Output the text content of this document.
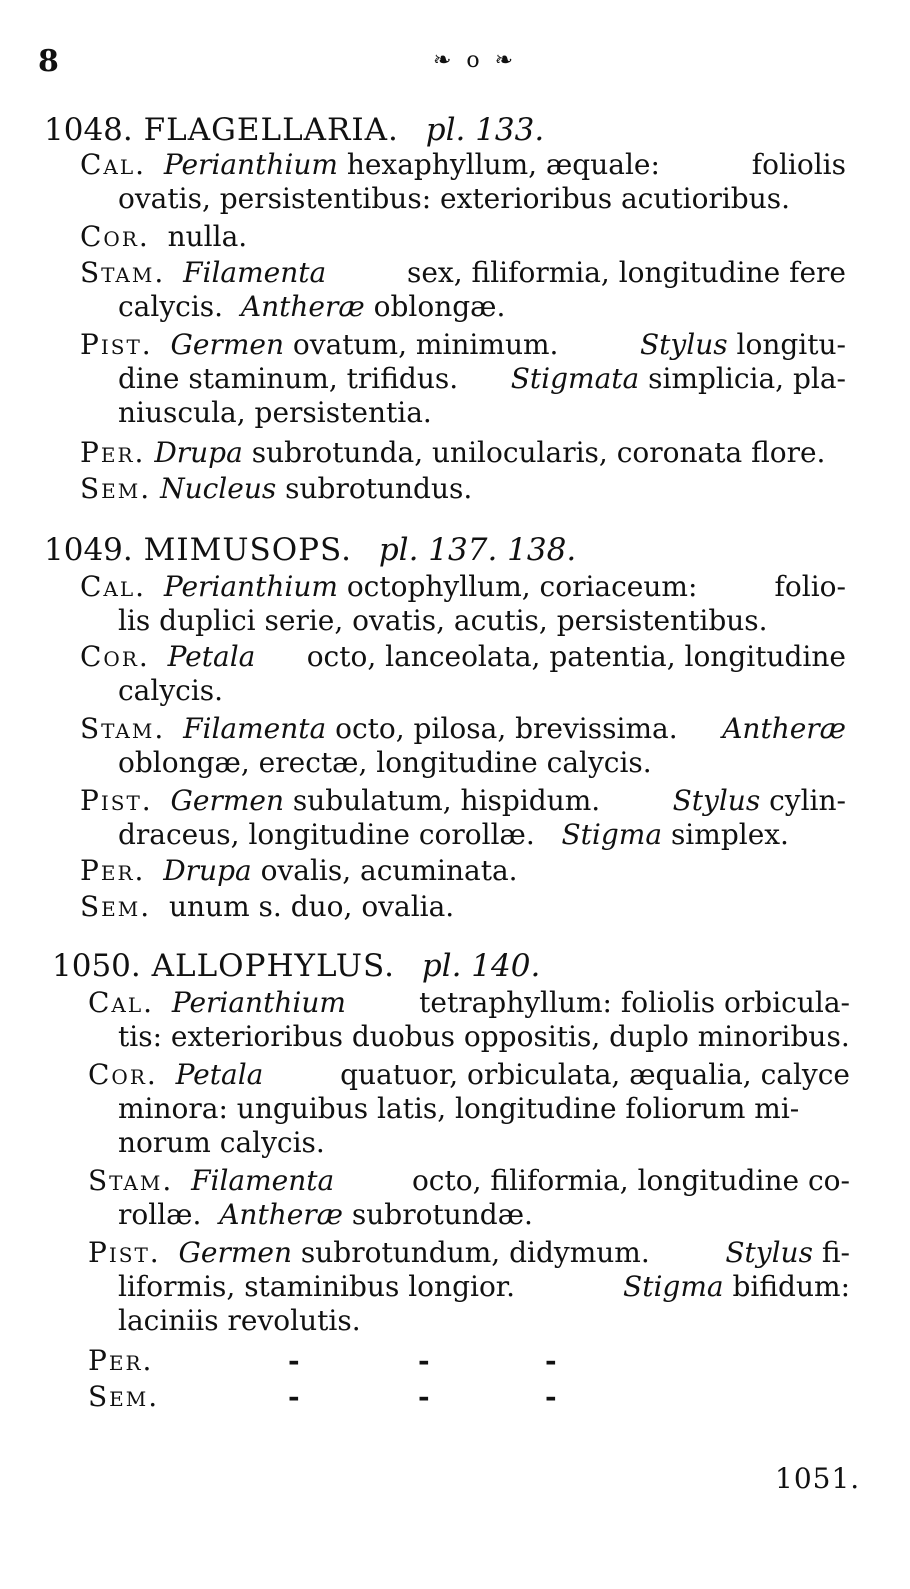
8	❧ o ❧
1048. FLAGELLARIA. pl. 133.
Cal. Perianthium hexaphyllum, æquale:	foliolis
ovatis, persistentibus: exterioribus acutioribus.
Cor. nulla.
Stam. Filamenta	sex, filiformia, longitudine fere
calycis. Antheræ oblongæ.
Pist. Germen ovatum, minimum.	Stylus longitu-
dine staminum, trifidus. Stigmata simplicia, pla-
niuscula, persistentia.
Per. Drupa subrotunda, unilocularis, coronata flore.
Sem. Nucleus subrotundus.
1049. MIMUSOPS. pl. 137. 138.
Cal. Perianthium octophyllum, coriaceum:	folio-
lis duplici serie, ovatis, acutis, persistentibus.
Cor. Petala octo, lanceolata, patentia, longitudine
calycis.
Stam. Filamenta octo, pilosa, brevissima. Antheræ
oblongæ, erectæ, longitudine calycis.
Pist. Germen subulatum, hispidum.	Stylus cylin-
draceus, longitudine corollæ. Stigma simplex.
Per. Drupa ovalis, acuminata.
Sem. unum s. duo, ovalia.
1050. ALLOPHYLUS. pl. 140.
Cal. Perianthium	tetraphyllum: foliolis orbicula-
tis: exterioribus duobus oppositis, duplo minoribus.
Cor. Petala	quatuor, orbiculata, æqualia, calyce
minora: unguibus latis, longitudine foliorum mi-
norum calycis.
Stam. Filamenta	octo, filiformia, longitudine co-
rollæ. Antheræ subrotundæ.
Pist. Germen subrotundum, didymum.	Stylus fi-
liformis, staminibus longior.	Stigma bifidum:
laciniis revolutis.
Per.	-	-	-
Sem.	-	-	-
1051.
